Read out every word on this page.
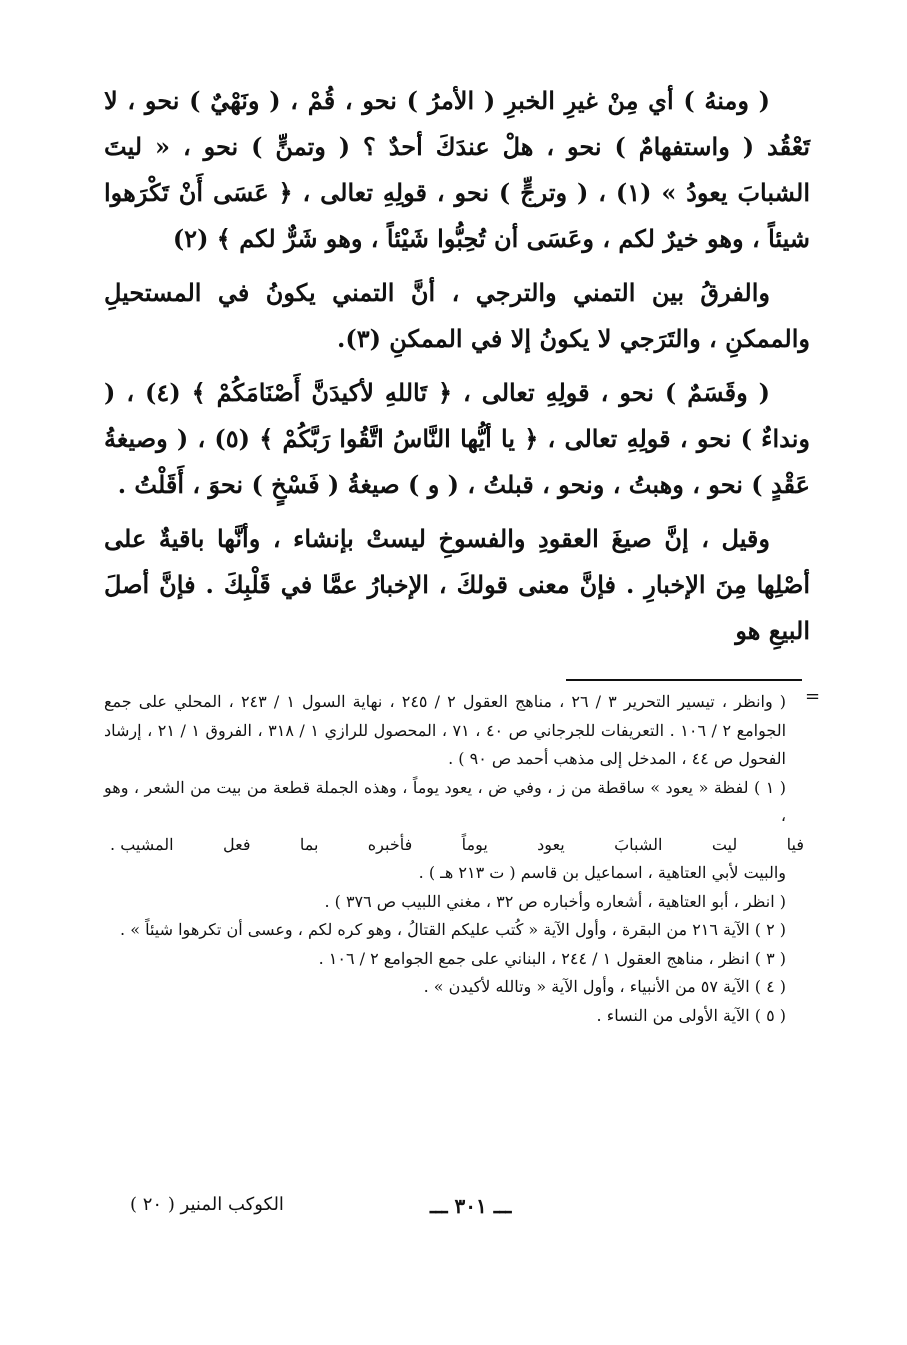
( ومنهُ ) أي مِنْ غيرِ الخبرِ ( الأمرُ ) نحو ، قُمْ ، ( ونَهْيٌ ) نحو ، لا تَعْقُد ( واستفهامٌ ) نحو ، هلْ عندَكَ أحدٌ ؟ ( وتمنٍّ ) نحو ، « ليتَ الشبابَ يعودُ » (١) ، ( وترجٍّ ) نحو ، قولِهِ تعالى ، ﴿ عَسَى أَنْ تَكْرَهوا شيئاً ، وهو خيرٌ لكم ، وعَسَى أن تُحِبُّوا شَيْئاً ، وهو شَرٌّ لكم ﴾ (٢)

والفرقُ بين التمني والترجي ، أنَّ التمني يكونُ في المستحيلِ والممكنِ ، والتَرَجي لا يكونُ إلا في الممكنِ (٣).

( وقَسَمٌ ) نحو ، قولِهِ تعالى ، ﴿ تَاللهِ لأكيدَنَّ أَصْنَامَكُمْ ﴾ (٤) ، ( ونداءٌ ) نحو ، قولِهِ تعالى ، ﴿ يا أيُّها النَّاسُ اتَّقُوا رَبَّكُمْ ﴾ (٥) ، ( وصيغةُ عَقْدٍ ) نحو ، وهبتُ ، ونحو ، قبلتُ ، ( و ) صيغةُ ( فَسْخٍ ) نحوَ ، أَقَلْتُ .

وقيل ، إنَّ صيغَ العقودِ والفسوخِ ليستْ بإنشاء ، وأنَّها باقيةٌ على أصْلِها مِنَ الإخبارِ . فإنَّ معنى قولكَ ، الإخبارُ عمَّا في قَلْبِكَ . فإنَّ أصلَ البيعِ هو

=

( وانظر ، تيسير التحرير ٣ / ٢٦ ، مناهج العقول ٢ / ٢٤٥ ، نهاية السول ١ / ٢٤٣ ، المحلي على جمع الجوامع ٢ / ١٠٦ . التعريفات للجرجاني ص ٤٠ ، ٧١ ، المحصول للرازي ١ / ٣١٨ ، الفروق ١ / ٢١ ، إرشاد الفحول ص ٤٤ ، المدخل إلى مذهب أحمد ص ٩٠ ) .

( ١ ) لفظة « يعود » ساقطة من ز ، وفي ض ، يعود يوماً ، وهذه الجملة قطعة من بيت من الشعر ، وهو ،

فيا
ليت
الشبابَ
يعود
يوماً
فأخبره
بما
فعل
المشيب .

والبيت لأبي العتاهية ، اسماعيل بن قاسم ( ت ٢١٣ هـ ) .

( انظر ، أبو العتاهية ، أشعاره وأخباره ص ٣٢ ، مغني اللبيب ص ٣٧٦ ) .

( ٢ ) الآية ٢١٦ من البقرة ، وأول الآية « كُتب عليكم القتالُ ، وهو كره لكم ، وعسى أن تكرهوا شيئاً » .

( ٣ ) انظر ، مناهج العقول ١ / ٢٤٤ ، البناني على جمع الجوامع ٢ / ١٠٦ .

( ٤ ) الآية ٥٧ من الأنبياء ، وأول الآية « وتالله لأكيدن » .

( ٥ ) الآية الأولى من النساء .

الكوكب المنير ( ٢٠ )	ـــ ٣٠١ ـــ
